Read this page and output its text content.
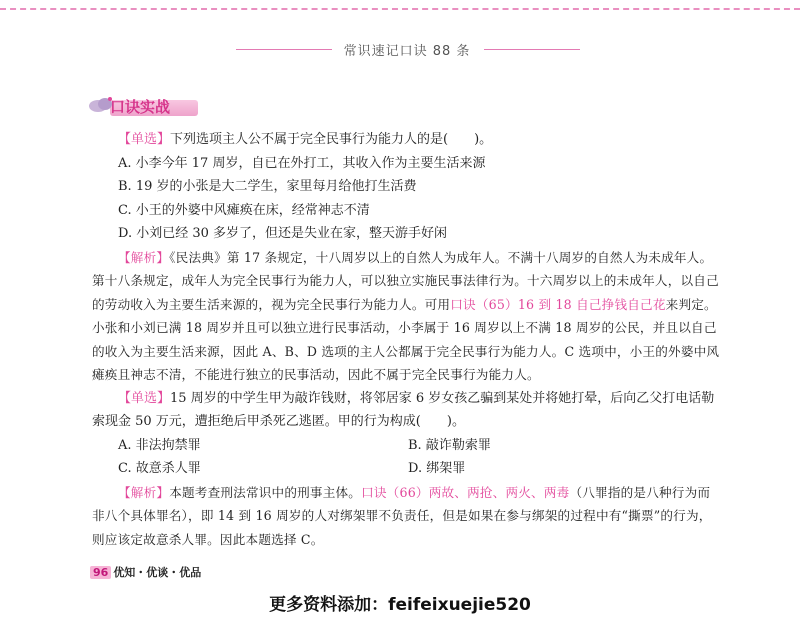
常识速记口诀 88 条
口诀实战

【单选】下列选项主人公不属于完全民事行为能力人的是(　　)。

A. 小李今年 17 周岁，自已在外打工，其收入作为主要生活来源

B. 19 岁的小张是大二学生，家里每月给他打生活费

C. 小王的外婆中风瘫痪在床，经常神志不清

D. 小刘已经 30 多岁了，但还是失业在家，整天游手好闲

【解析】《民法典》第 17 条规定，十八周岁以上的自然人为成年人。不满十八周岁的自然人为未成年人。第十八条规定，成年人为完全民事行为能力人，可以独立实施民事法律行为。十六周岁以上的未成年人，以自己的劳动收入为主要生活来源的，视为完全民事行为能力人。可用口诀（65）16 到 18 自己挣钱自己花来判定。小张和小刘已满 18 周岁并且可以独立进行民事活动，小李属于 16 周岁以上不满 18 周岁的公民，并且以自己的收入为主要生活来源，因此 A、B、D 选项的主人公都属于完全民事行为能力人。C 选项中，小王的外婆中风瘫痪且神志不清，不能进行独立的民事活动，因此不属于完全民事行为能力人。

【单选】15 周岁的中学生甲为敲诈钱财，将邻居家 6 岁女孩乙骗到某处并将她打晕，后向乙父打电话勒索现金 50 万元，遭拒绝后甲杀死乙逃匿。甲的行为构成(　　)。

A. 非法拘禁罪	B. 敲诈勒索罪
C. 故意杀人罪	D. 绑架罪

【解析】本题考查刑法常识中的刑事主体。口诀（66）两故、两抢、两火、两毒（八罪指的是八种行为而非八个具体罪名），即 14 到 16 周岁的人对绑架罪不负责任，但是如果在参与绑架的过程中有“撕票”的行为，则应该定故意杀人罪。因此本题选择 C。

96 优知・优谈・优品
更多资料添加：feifeixuejie520
